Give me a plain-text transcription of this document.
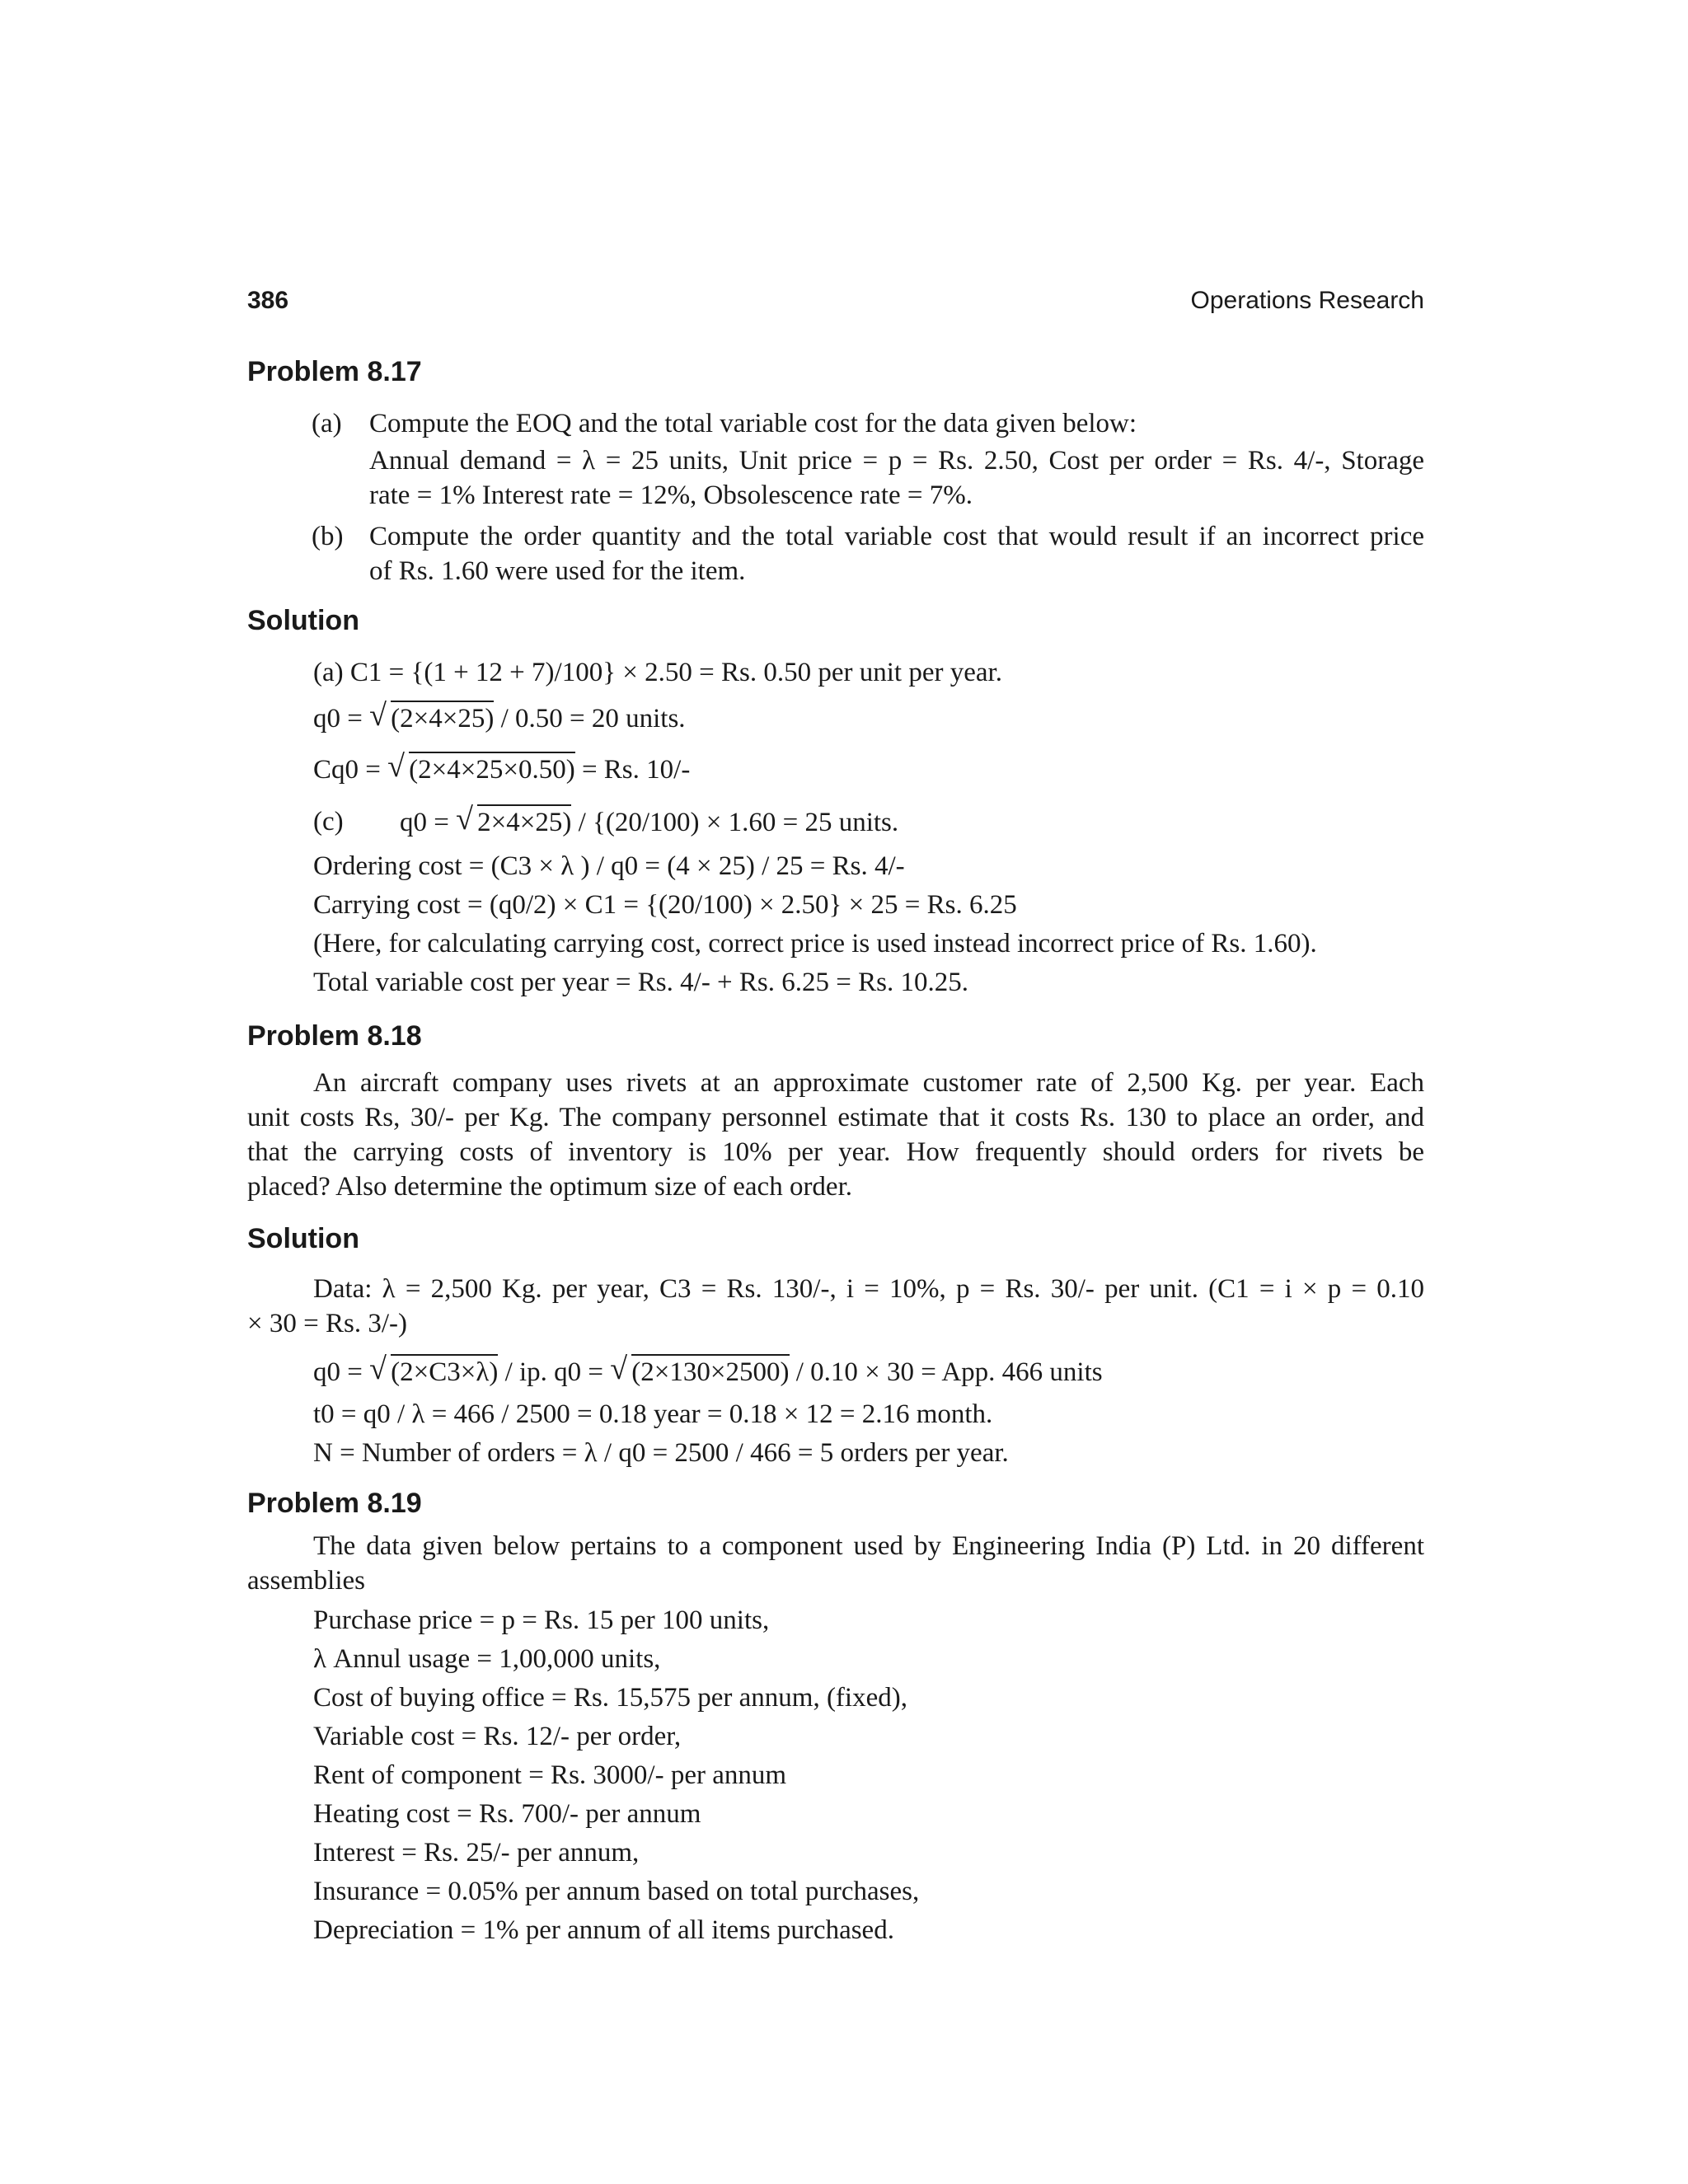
386	Operations Research
Problem 8.17
(a) Compute the EOQ and the total variable cost for the data given below:
Annual demand = λ = 25 units, Unit price = p = Rs. 2.50, Cost per order = Rs. 4/-, Storage
rate = 1% Interest rate = 12%, Obsolescence rate = 7%.
(b) Compute the order quantity and the total variable cost that would result if an incorrect price
of Rs. 1.60 were used for the item.
Solution
(a) C1 = {(1 + 12 + 7)/100} × 2.50 = Rs. 0.50 per unit per year.
q0 = √ (2×4×25) / 0.50 = 20 units.
Cq0 = √ (2×4×25×0.50) = Rs. 10/-
(c) q0 = √ 2×4×25) / {(20/100) × 1.60 = 25 units.
Ordering cost = (C3 × λ ) / q0 = (4 × 25) / 25 = Rs. 4/-
Carrying cost = (q0/2) × C1 = {(20/100) × 2.50} × 25 = Rs. 6.25
(Here, for calculating carrying cost, correct price is used instead incorrect price of Rs. 1.60).
Total variable cost per year = Rs. 4/- + Rs. 6.25 = Rs. 10.25.
Problem 8.18
An aircraft company uses rivets at an approximate customer rate of 2,500 Kg. per year. Each
unit costs Rs, 30/- per Kg. The company personnel estimate that it costs Rs. 130 to place an order, and
that the carrying costs of inventory is 10% per year. How frequently should orders for rivets be
placed? Also determine the optimum size of each order.
Solution
Data: λ = 2,500 Kg. per year, C3 = Rs. 130/-, i = 10%, p = Rs. 30/- per unit. (C1 = i × p = 0.10
× 30 = Rs. 3/-)
q0 = √ (2×C3×λ) / ip. q0 = √ (2×130×2500) / 0.10 × 30 = App. 466 units
t0 = q0 / λ = 466 / 2500 = 0.18 year = 0.18 × 12 = 2.16 month.
N = Number of orders = λ / q0 = 2500 / 466 = 5 orders per year.
Problem 8.19
The data given below pertains to a component used by Engineering India (P) Ltd. in 20 different
assemblies
Purchase price = p = Rs. 15 per 100 units,
λ Annul usage = 1,00,000 units,
Cost of buying office = Rs. 15,575 per annum, (fixed),
Variable cost = Rs. 12/- per order,
Rent of component = Rs. 3000/- per annum
Heating cost = Rs. 700/- per annum
Interest = Rs. 25/- per annum,
Insurance = 0.05% per annum based on total purchases,
Depreciation = 1% per annum of all items purchased.
